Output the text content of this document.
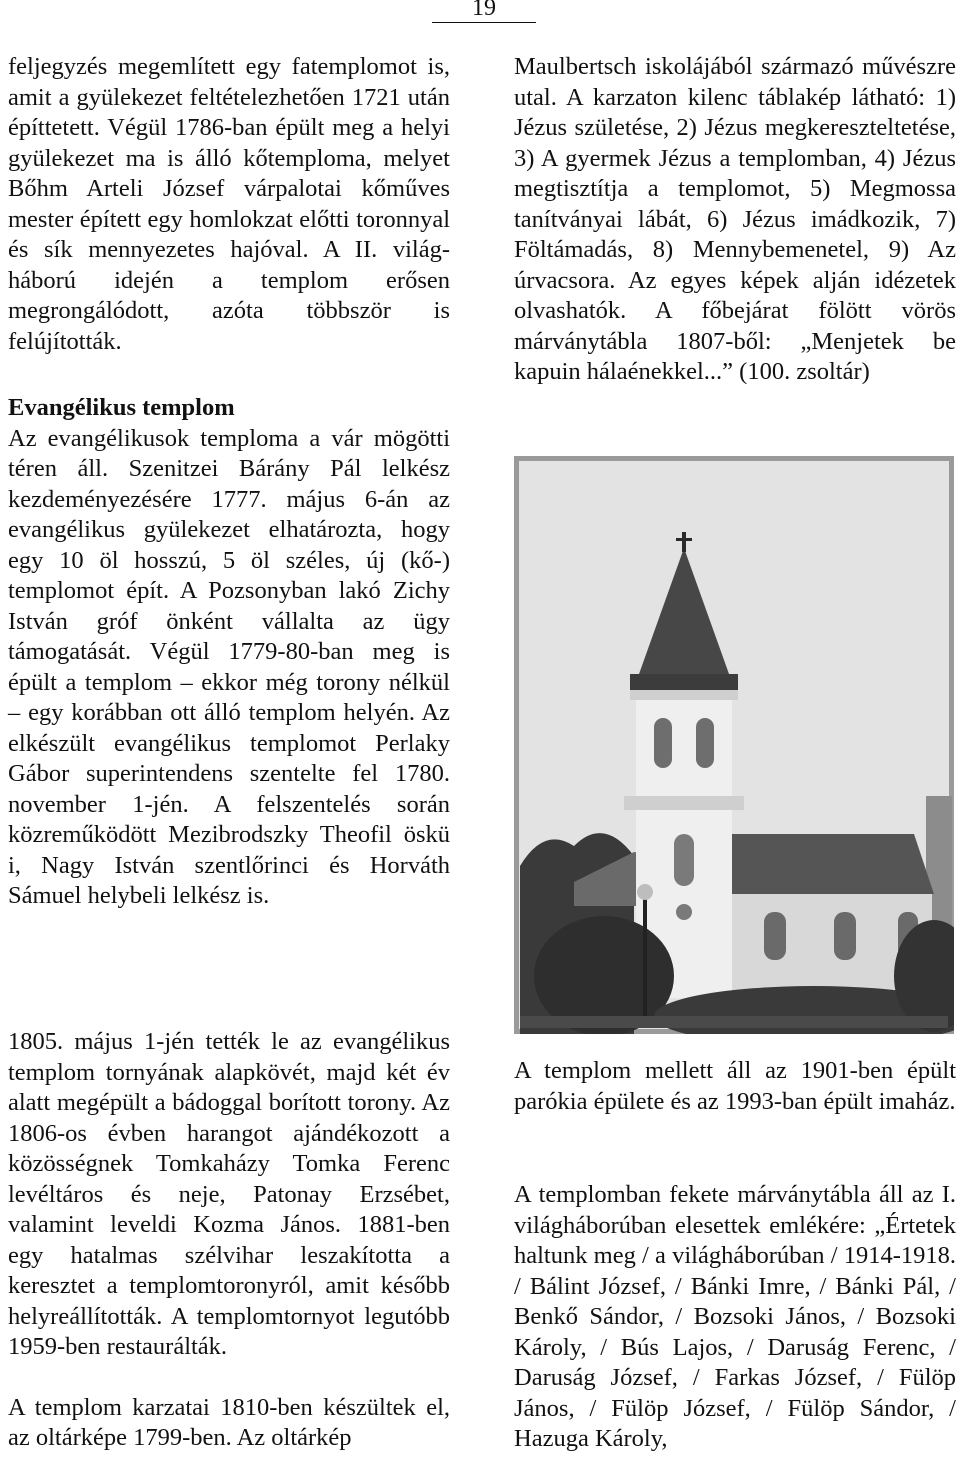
19

feljegyzés megemlített egy fatemplomot is, amit a gyülekezet feltételezhetően 1721 után építtetett. Végül 1786-ban épült meg a helyi gyülekezet ma is álló kőtemploma, melyet Bőhm Arteli József várpalotai kőműves mester épített egy homlokzat előtti toronnyal és sík mennyezetes hajóval. A II. világ-háború idején a templom erősen megrongálódott, azóta többször is felújították.

Evangélikus templom

Az evangélikusok temploma a vár mögötti téren áll. Szenitzei Bárány Pál lelkész kezdeményezésére 1777. május 6-án az evangélikus gyülekezet elhatározta, hogy egy 10 öl hosszú, 5 öl széles, új (kő-) templomot épít. A Pozsonyban lakó Zichy István gróf önként vállalta az ügy támogatását. Végül 1779-80-ban meg is épült a templom – ekkor még torony nélkül – egy korábban ott álló templom helyén. Az elkészült evangélikus templomot Perlaky Gábor superintendens szentelte fel 1780. november 1-jén. A felszentelés során közreműködött Mezibrodszky Theofil öskü i, Nagy István szentlőrinci és Horváth Sámuel helybeli lelkész is.

1805. május 1-jén tették le az evangélikus templom tornyának alapkövét, majd két év alatt megépült a bádoggal borított torony. Az 1806-os évben harangot ajándékozott a közösségnek Tomkaházy Tomka Ferenc levéltáros és neje, Patonay Erzsébet, valamint leveldi Kozma János. 1881-ben egy hatalmas szélvihar leszakította a keresztet a templomtoronyról, amit később helyreállították. A templomtornyot legutóbb 1959-ben restaurálták.

A templom karzatai 1810-ben készültek el, az oltárképe 1799-ben. Az oltárkép

Maulbertsch iskolájából származó művészre utal. A karzaton kilenc táblakép látható: 1) Jézus születése, 2) Jézus megkereszteltetése, 3) A gyermek Jézus a templomban, 4) Jézus megtisztítja a templomot, 5) Megmossa tanítványai lábát, 6) Jézus imádkozik, 7) Föltámadás, 8) Mennybemenetel, 9) Az úrvacsora. Az egyes képek alján idézetek olvashatók. A főbejárat fölött vörös márványtábla 1807-ből: „Menjetek be kapuin hálaénekkel...” (100. zsoltár)

A templom mellett áll az 1901-ben épült parókia épülete és az 1993-ban épült imaház.

A templomban fekete márványtábla áll az I. világháborúban elesettek emlékére: „Értetek haltunk meg / a világháborúban / 1914-1918. / Bálint József, / Bánki Imre, / Bánki Pál, / Benkő Sándor, / Bozsoki János, / Bozsoki Károly, / Bús Lajos, / Daruság Ferenc, / Daruság József, / Farkas József, / Fülöp János, / Fülöp József, / Fülöp Sándor, / Hazuga Károly,
